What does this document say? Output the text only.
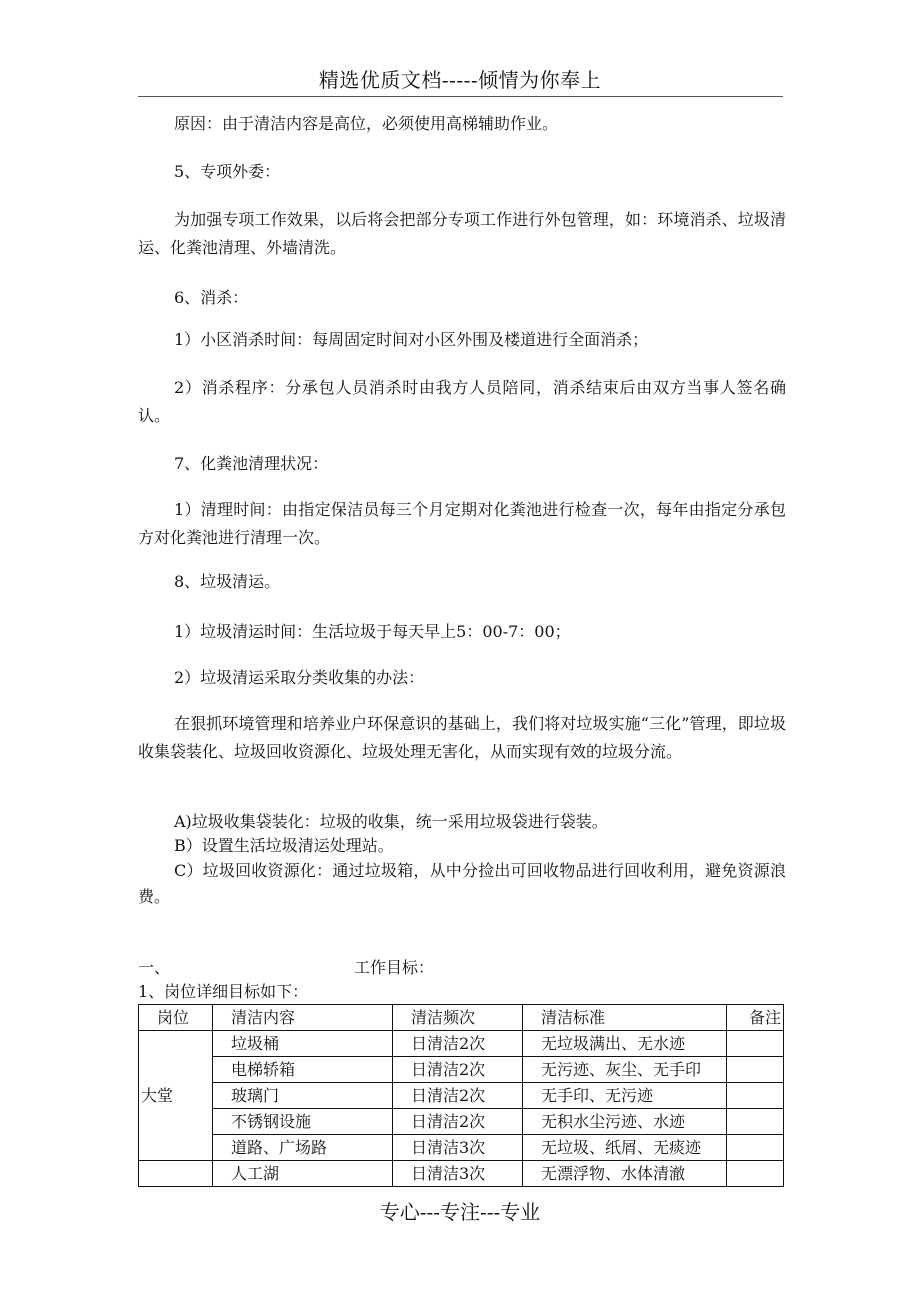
精选优质文档-----倾情为你奉上

原因：由于清洁内容是高位，必须使用高梯辅助作业。

5、专项外委：

为加强专项工作效果，以后将会把部分专项工作进行外包管理，如：环境消杀、垃圾清运、化粪池清理、外墙清洗。

6、消杀：

1）小区消杀时间：每周固定时间对小区外围及楼道进行全面消杀；

2）消杀程序：分承包人员消杀时由我方人员陪同，消杀结束后由双方当事人签名确认。

7、化粪池清理状况：

1）清理时间：由指定保洁员每三个月定期对化粪池进行检查一次，每年由指定分承包方对化粪池进行清理一次。

8、垃圾清运。

1）垃圾清运时间：生活垃圾于每天早上5：00-7：00；

2）垃圾清运采取分类收集的办法：

在狠抓环境管理和培养业户环保意识的基础上，我们将对垃圾实施“三化”管理，即垃圾收集袋装化、垃圾回收资源化、垃圾处理无害化，从而实现有效的垃圾分流。

A)垃圾收集袋装化：垃圾的收集，统一采用垃圾袋进行袋装。

B）设置生活垃圾清运处理站。

C）垃圾回收资源化：通过垃圾箱，从中分捡出可回收物品进行回收利用，避免资源浪费。

一、	工作目标：
1、岗位详细目标如下：
岗位	清洁内容	清洁频次	清洁标准	备注
大堂	垃圾桶	日清洁2次	无垃圾满出、无水迹	
	电梯轿箱	日清洁2次	无污迹、灰尘、无手印	
	玻璃门	日清洁2次	无手印、无污迹	
	不锈钢设施	日清洁2次	无积水尘污迹、水迹	
	道路、广场路	日清洁3次	无垃圾、纸屑、无痰迹	
	人工湖	日清洁3次	无漂浮物、水体清澈	
专心---专注---专业
